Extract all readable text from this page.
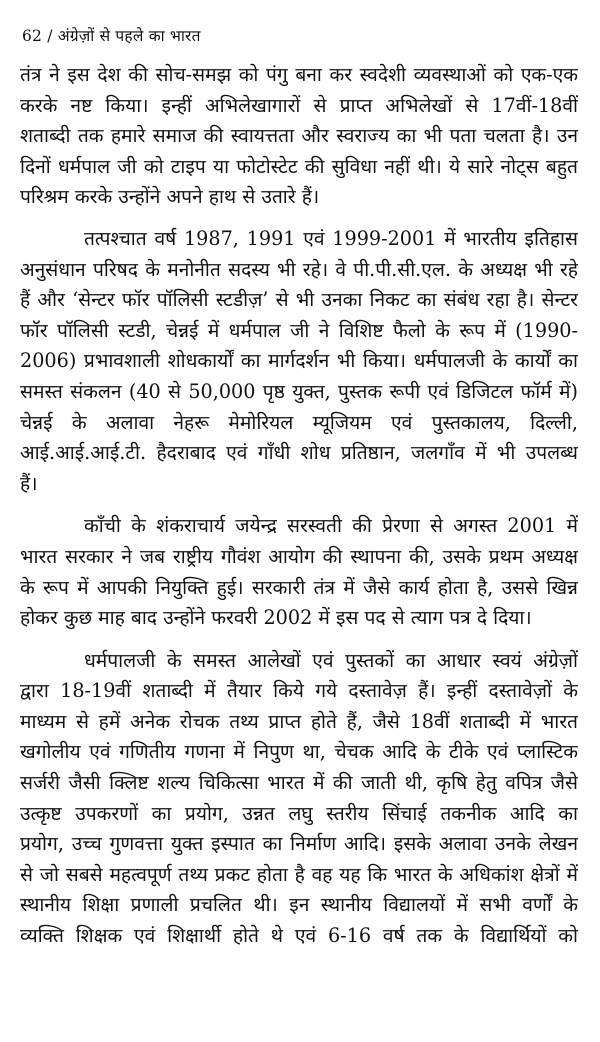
62 / अंग्रेज़ों से पहले का भारत
तंत्र ने इस देश की सोच-समझ को पंगु बना कर स्वदेशी व्यवस्थाओं को एक-एक
करके नष्ट किया। इन्हीं अभिलेखागारों से प्राप्त अभिलेखों से 17वीं-18वीं
शताब्दी तक हमारे समाज की स्वायत्तता और स्वराज्य का भी पता चलता है। उन
दिनों धर्मपाल जी को टाइप या फोटोस्टेट की सुविधा नहीं थी। ये सारे नोट्स बहुत
परिश्रम करके उन्होंने अपने हाथ से उतारे हैं।
तत्पश्चात वर्ष 1987, 1991 एवं 1999-2001 में भारतीय इतिहास
अनुसंधान परिषद के मनोनीत सदस्य भी रहे। वे पी.पी.सी.एल. के अध्यक्ष भी रहे
हैं और ‘सेन्टर फॉर पॉलिसी स्टडीज़’ से भी उनका निकट का संबंध रहा है। सेन्टर
फॉर पॉलिसी स्टडी, चेन्नई में धर्मपाल जी ने विशिष्ट फैलो के रूप में (1990-
2006) प्रभावशाली शोधकार्यों का मार्गदर्शन भी किया। धर्मपालजी के कार्यों का
समस्त संकलन (40 से 50,000 पृष्ठ युक्त, पुस्तक रूपी एवं डिजिटल फॉर्म में)
चेन्नई के अलावा नेहरू मेमोरियल म्यूजियम एवं पुस्तकालय, दिल्ली,
आई.आई.आई.टी. हैदराबाद एवं गाँधी शोध प्रतिष्ठान, जलगाँव में भी उपलब्ध
हैं।
काँची के शंकराचार्य जयेन्द्र सरस्वती की प्रेरणा से अगस्त 2001 में
भारत सरकार ने जब राष्ट्रीय गौवंश आयोग की स्थापना की, उसके प्रथम अध्यक्ष
के रूप में आपकी नियुक्ति हुई। सरकारी तंत्र में जैसे कार्य होता है, उससे खिन्न
होकर कुछ माह बाद उन्होंने फरवरी 2002 में इस पद से त्याग पत्र दे दिया।
धर्मपालजी के समस्त आलेखों एवं पुस्तकों का आधार स्वयं अंग्रेज़ों
द्वारा 18-19वीं शताब्दी में तैयार किये गये दस्तावेज़ हैं। इन्हीं दस्तावेज़ों के
माध्यम से हमें अनेक रोचक तथ्य प्राप्त होते हैं, जैसे 18वीं शताब्दी में भारत
खगोलीय एवं गणितीय गणना में निपुण था, चेचक आदि के टीके एवं प्लास्टिक
सर्जरी जैसी क्लिष्ट शल्य चिकित्सा भारत में की जाती थी, कृषि हेतु वपित्र जैसे
उत्कृष्ट उपकरणों का प्रयोग, उन्नत लघु स्तरीय सिंचाई तकनीक आदि का
प्रयोग, उच्च गुणवत्ता युक्त इस्पात का निर्माण आदि। इसके अलावा उनके लेखन
से जो सबसे महत्वपूर्ण तथ्य प्रकट होता है वह यह कि भारत के अधिकांश क्षेत्रों में
स्थानीय शिक्षा प्रणाली प्रचलित थी। इन स्थानीय विद्यालयों में सभी वर्णों के
व्यक्ति शिक्षक एवं शिक्षार्थी होते थे एवं 6-16 वर्ष तक के विद्यार्थियों को
